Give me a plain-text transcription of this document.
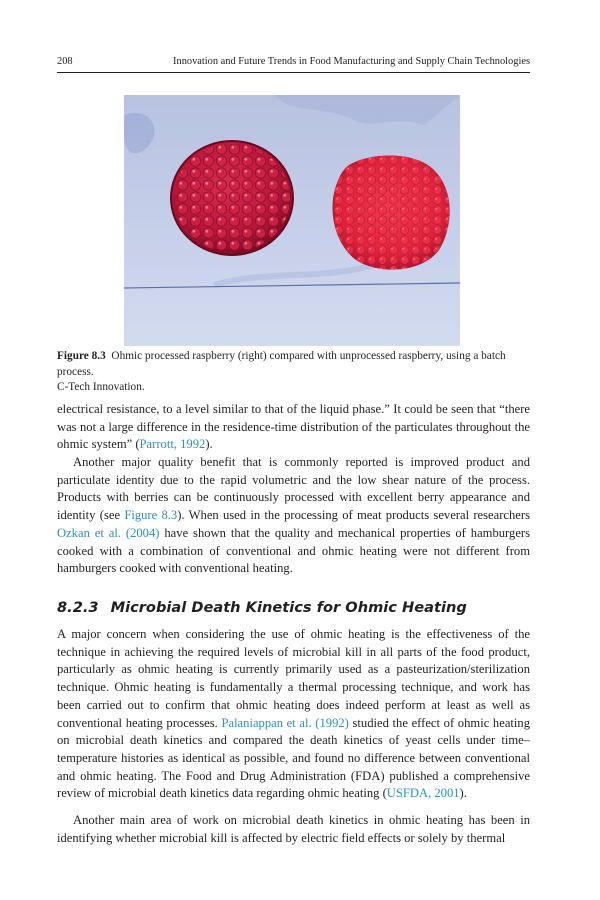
208	Innovation and Future Trends in Food Manufacturing and Supply Chain Technologies

Figure 8.3 Ohmic processed raspberry (right) compared with unprocessed raspberry, using a batch process.
C-Tech Innovation.

electrical resistance, to a level similar to that of the liquid phase.” It could be seen that “there was not a large difference in the residence-time distribution of the particulates throughout the ohmic system” (Parrott, 1992).

Another major quality benefit that is commonly reported is improved product and particulate identity due to the rapid volumetric and the low shear nature of the process. Products with berries can be continuously processed with excellent berry appearance and identity (see Figure 8.3). When used in the processing of meat products several researchers Ozkan et al. (2004) have shown that the quality and mechanical properties of hamburgers cooked with a combination of conventional and ohmic heating were not different from hamburgers cooked with conventional heating.

8.2.3 Microbial Death Kinetics for Ohmic Heating

A major concern when considering the use of ohmic heating is the effectiveness of the technique in achieving the required levels of microbial kill in all parts of the food product, particularly as ohmic heating is currently primarily used as a pasteurization/sterilization technique. Ohmic heating is fundamentally a thermal processing technique, and work has been carried out to confirm that ohmic heating does indeed perform at least as well as conventional heating processes. Palaniappan et al. (1992) studied the effect of ohmic heating on microbial death kinetics and compared the death kinetics of yeast cells under time–temperature histories as identical as possible, and found no difference between conventional and ohmic heating. The Food and Drug Administration (FDA) published a comprehensive review of microbial death kinetics data regarding ohmic heating (USFDA, 2001).

Another main area of work on microbial death kinetics in ohmic heating has been in identifying whether microbial kill is affected by electric field effects or solely by thermal
